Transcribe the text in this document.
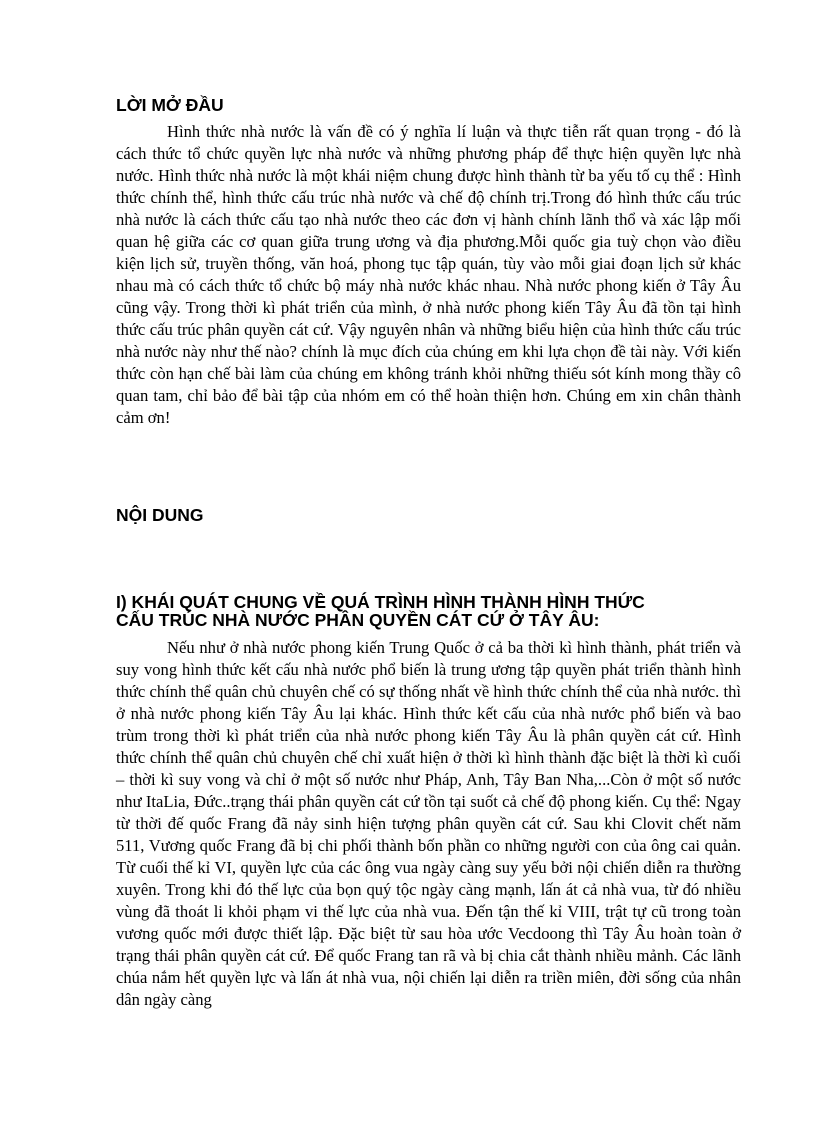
LỜI MỞ ĐẦU

Hình thức nhà nước là vấn đề có ý nghĩa lí luận và thực tiễn rất quan trọng - đó là cách thức tổ chức quyền lực nhà nước và những phương pháp để thực hiện quyền lực nhà nước. Hình thức nhà nước là một khái niệm chung được hình thành từ ba yếu tố cụ thể : Hình thức chính thể, hình thức cấu trúc nhà nước và chế độ chính trị.Trong đó hình thức cấu trúc nhà nước là cách thức cấu tạo nhà nước theo các đơn vị hành chính lãnh thổ và xác lập mối quan hệ giữa các cơ quan giữa trung ương và địa phương.Mỗi quốc gia tuỳ chọn vào điều kiện lịch sử, truyền thống, văn hoá, phong tục tập quán, tùy vào mỗi giai đoạn lịch sử khác nhau mà có cách thức tổ chức bộ máy nhà nước khác nhau. Nhà nước phong kiến ở Tây Âu cũng vậy. Trong thời kì phát triển của mình, ở nhà nước phong kiến Tây Âu đã tồn tại hình thức cấu trúc phân quyền cát cứ. Vậy nguyên nhân và những biểu hiện của hình thức cấu trúc nhà nước này như thế nào? chính là mục đích của chúng em khi lựa chọn đề tài này. Với kiến thức còn hạn chế bài làm của chúng em không tránh khỏi những thiếu sót kính mong thầy cô quan tam, chỉ bảo để bài tập của nhóm em có thể hoàn thiện hơn. Chúng em xin chân thành cảm ơn!

NỘI DUNG
I) KHÁI QUÁT CHUNG VỀ QUÁ TRÌNH HÌNH THÀNH HÌNH THỨC
CẤU TRÚC NHÀ NƯỚC PHÂN QUYỀN CÁT CỨ Ở TÂY ÂU:

Nếu như ở nhà nước phong kiến Trung Quốc ở cả ba thời kì hình thành, phát triển và suy vong hình thức kết cấu nhà nước phổ biến là trung ương tập quyền phát triển thành hình thức chính thể quân chủ chuyên chế có sự thống nhất về hình thức chính thể của nhà nước. thì ở nhà nước phong kiến Tây Âu lại khác. Hình thức kết cấu của nhà nước phổ biến và bao trùm trong thời kì phát triển của nhà nước phong kiến Tây Âu là phân quyền cát cứ. Hình thức chính thể quân chủ chuyên chế chỉ xuất hiện ở thời kì hình thành đặc biệt là thời kì cuối – thời kì suy vong và chỉ ở một số nước như Pháp, Anh, Tây Ban Nha,...Còn ở một số nước như ItaLia, Đức..trạng thái phân quyền cát cứ tồn tại suốt cả chế độ phong kiến. Cụ thể: Ngay từ thời đế quốc Frang đã nảy sinh hiện tượng phân quyền cát cứ. Sau khi Clovit chết năm 511, Vương quốc Frang đã bị chi phối thành bốn phần co những người con của ông cai quản. Từ cuối thế kỉ VI, quyền lực của các ông vua ngày càng suy yếu bởi nội chiến diễn ra thường xuyên. Trong khi đó thế lực của bọn quý tộc ngày càng mạnh, lấn át cả nhà vua, từ đó nhiều vùng đã thoát li khỏi phạm vi thế lực của nhà vua. Đến tận thế kỉ VIII, trật tự cũ trong toàn vương quốc mới được thiết lập. Đặc biệt từ sau hòa ước Vecdoong thì Tây Âu hoàn toàn ở trạng thái phân quyền cát cứ. Để quốc Frang tan rã và bị chia cắt thành nhiều mảnh. Các lãnh chúa nắm hết quyền lực và lấn át nhà vua, nội chiến lại diễn ra triền miên, đời sống của nhân dân ngày càng
